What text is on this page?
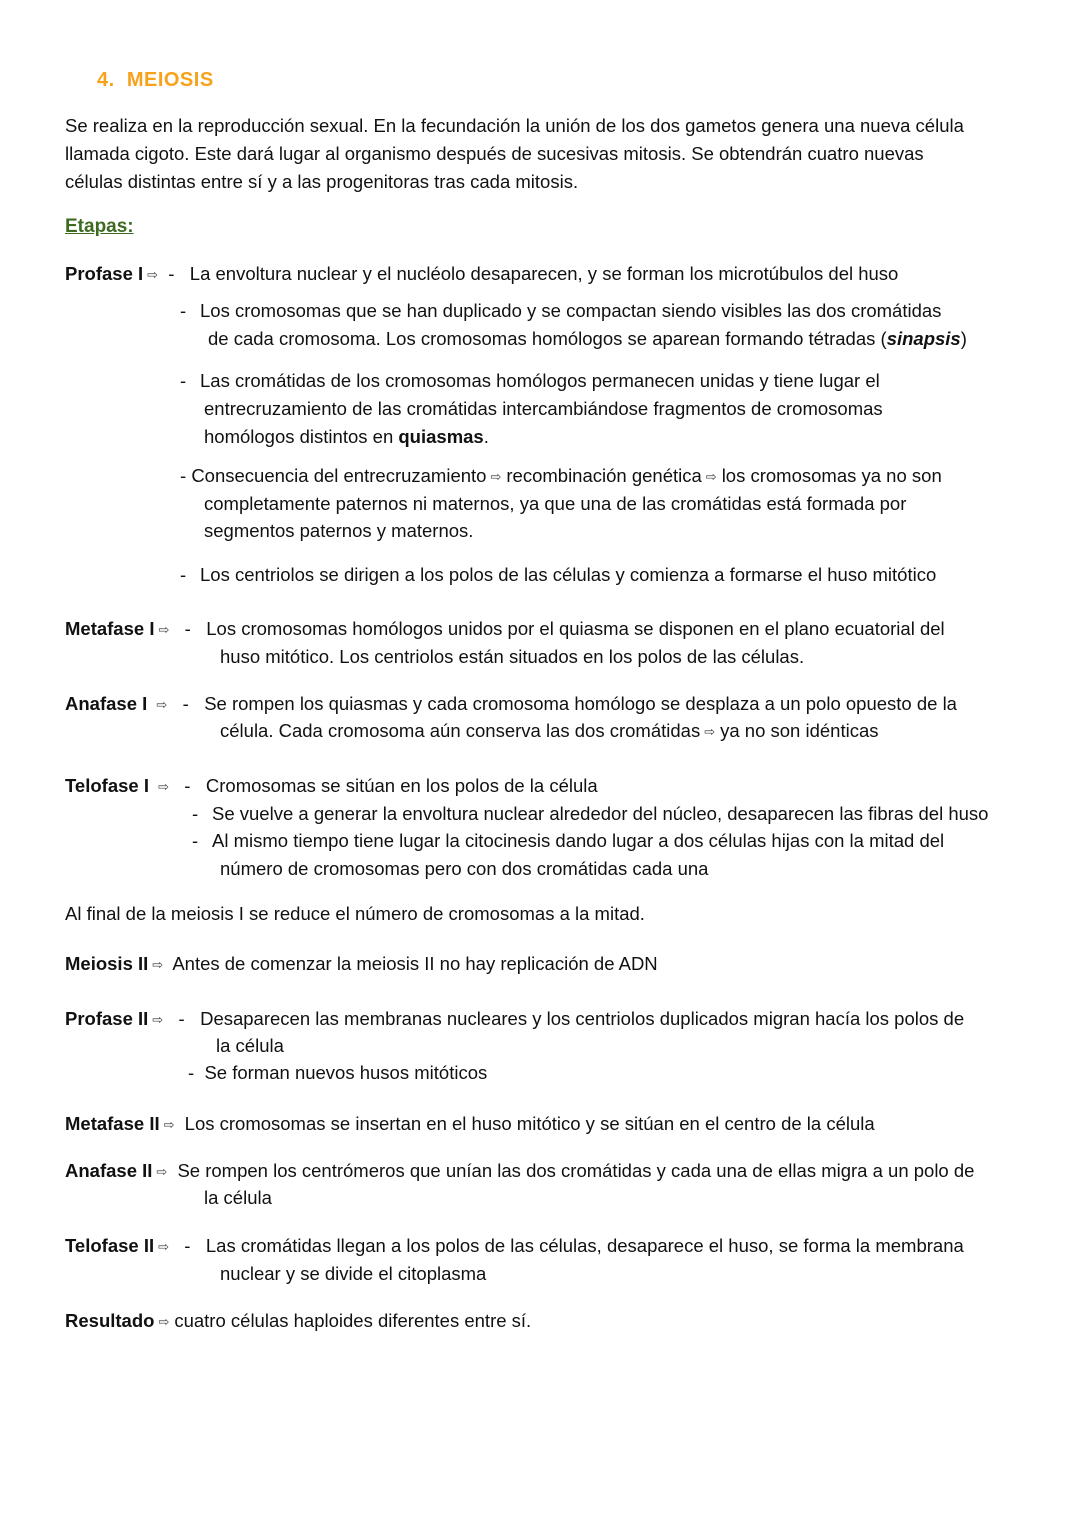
4. MEIOSIS
Se realiza en la reproducción sexual. En la fecundación la unión de los dos gametos genera una nueva célula
llamada cigoto. Este dará lugar al organismo después de sucesivas mitosis. Se obtendrán cuatro nuevas
células distintas entre sí y a las progenitoras tras cada mitosis.
Etapas:
Profase I ⇨ - La envoltura nuclear y el nucléolo desaparecen, y se forman los microtúbulos del huso
- Los cromosomas que se han duplicado y se compactan siendo visibles las dos cromátidas
de cada cromosoma. Los cromosomas homólogos se aparean formando tétradas (sinapsis)
- Las cromátidas de los cromosomas homólogos permanecen unidas y tiene lugar el
entrecruzamiento de las cromátidas intercambiándose fragmentos de cromosomas
homólogos distintos en quiasmas.
- Consecuencia del entrecruzamiento ⇨ recombinación genética ⇨ los cromosomas ya no son
completamente paternos ni maternos, ya que una de las cromátidas está formada por
segmentos paternos y maternos.
- Los centriolos se dirigen a los polos de las células y comienza a formarse el huso mitótico
Metafase I ⇨ - Los cromosomas homólogos unidos por el quiasma se disponen en el plano ecuatorial del
huso mitótico. Los centriolos están situados en los polos de las células.
Anafase I ⇨ - Se rompen los quiasmas y cada cromosoma homólogo se desplaza a un polo opuesto de la
célula. Cada cromosoma aún conserva las dos cromátidas ⇨ ya no son idénticas
Telofase I ⇨ - Cromosomas se sitúan en los polos de la célula
- Se vuelve a generar la envoltura nuclear alrededor del núcleo, desaparecen las fibras del huso
- Al mismo tiempo tiene lugar la citocinesis dando lugar a dos células hijas con la mitad del
número de cromosomas pero con dos cromátidas cada una
Al final de la meiosis I se reduce el número de cromosomas a la mitad.
Meiosis II ⇨ Antes de comenzar la meiosis II no hay replicación de ADN
Profase II ⇨ - Desaparecen las membranas nucleares y los centriolos duplicados migran hacía los polos de
la célula
- Se forman nuevos husos mitóticos
Metafase II ⇨ Los cromosomas se insertan en el huso mitótico y se sitúan en el centro de la célula
Anafase II ⇨ Se rompen los centrómeros que unían las dos cromátidas y cada una de ellas migra a un polo de
la célula
Telofase II ⇨ - Las cromátidas llegan a los polos de las células, desaparece el huso, se forma la membrana
nuclear y se divide el citoplasma
Resultado ⇨ cuatro células haploides diferentes entre sí.
